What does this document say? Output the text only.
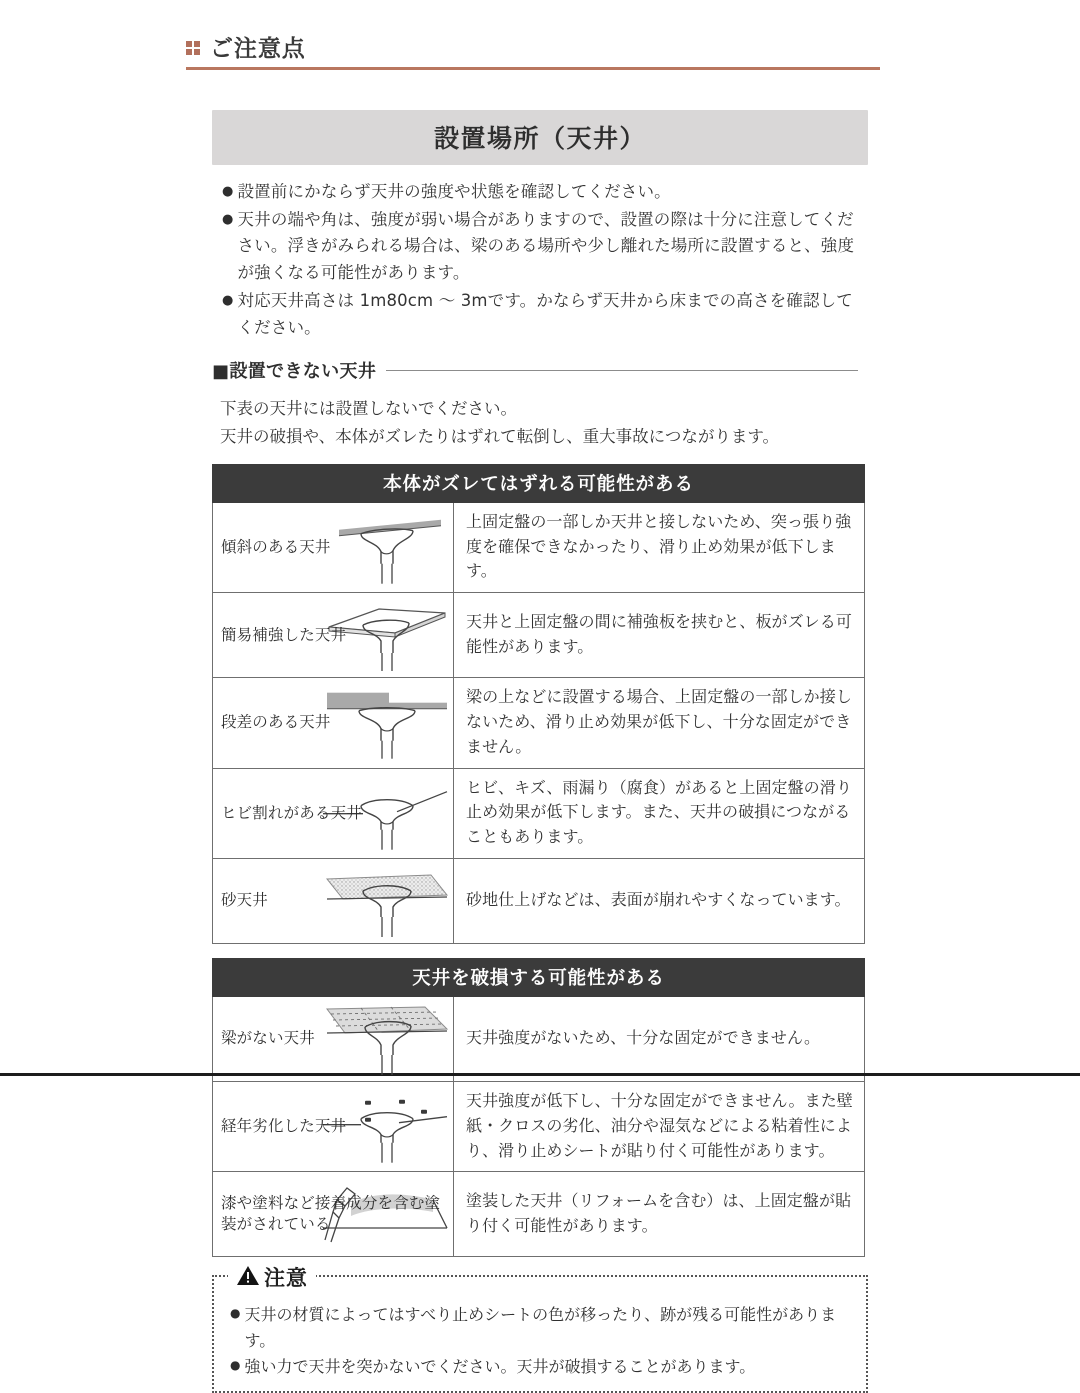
ご注意点
設置場所（天井）
● 設置前にかならず天井の強度や状態を確認してください。
● 天井の端や角は、強度が弱い場合がありますので、設置の際は十分に注意してください。浮きがみられる場合は、梁のある場所や少し離れた場所に設置すると、強度が強くなる可能性があります。
● 対応天井高さは 1m80cm ～ 3mです。かならず天井から床までの高さを確認してください。
■設置できない天井
下表の天井には設置しないでください。
天井の破損や、本体がズレたりはずれて転倒し、重大事故につながります。
本体がズレてはずれる可能性がある	
傾斜のある天井	上固定盤の一部しか天井と接しないため、突っ張り強度を確保できなかったり、滑り止め効果が低下します。
簡易補強した天井	天井と上固定盤の間に補強板を挟むと、板がズレる可能性があります。
段差のある天井	梁の上などに設置する場合、上固定盤の一部しか接しないため、滑り止め効果が低下し、十分な固定ができません。
ヒビ割れがある天井	ヒビ、キズ、雨漏り（腐食）があると上固定盤の滑り止め効果が低下します。また、天井の破損につながることもあります。
砂天井	砂地仕上げなどは、表面が崩れやすくなっています。
天井を破損する可能性がある	
梁がない天井	天井強度がないため、十分な固定ができません。
経年劣化した天井	天井強度が低下し、十分な固定ができません。また壁紙・クロスの劣化、油分や湿気などによる粘着性により、滑り止めシートが貼り付く可能性があります。
漆や塗料など接着成分を含む塗装がされている	塗装した天井（リフォームを含む）は、上固定盤が貼り付く可能性があります。
注意
● 天井の材質によってはすべり止めシートの色が移ったり、跡が残る可能性があります。
● 強い力で天井を突かないでください。天井が破損することがあります。
